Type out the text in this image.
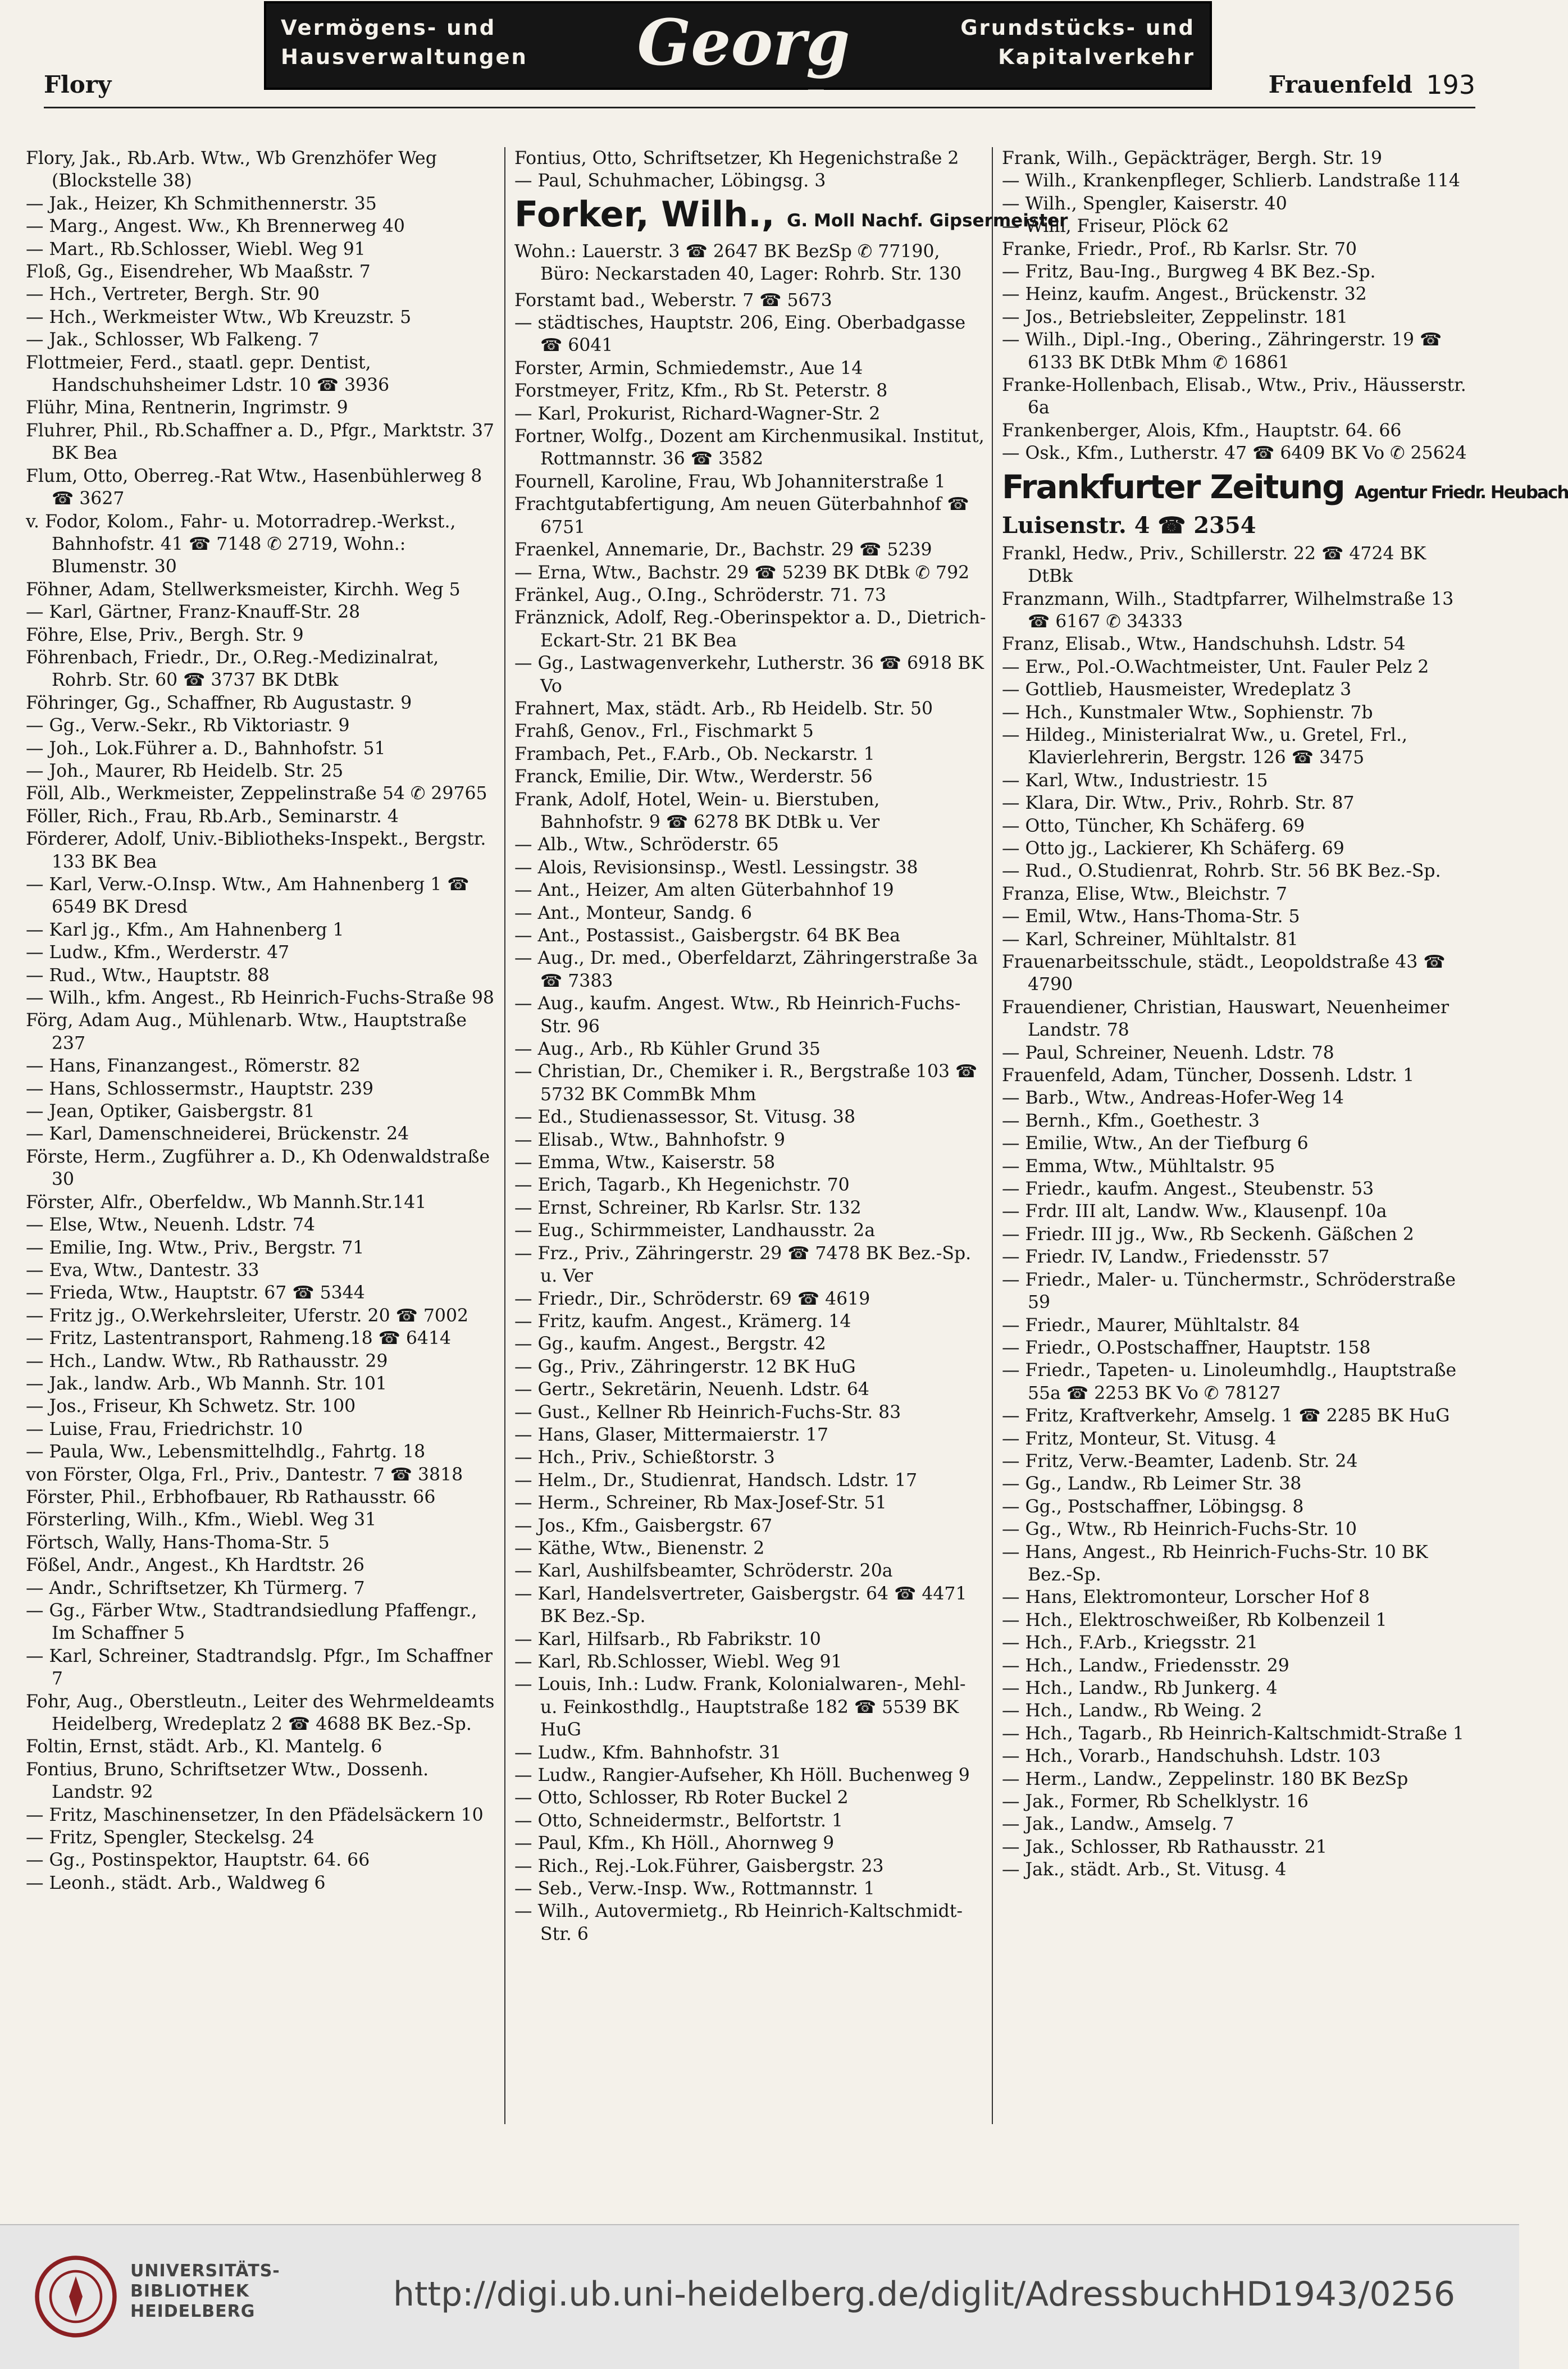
Vermögens- und
Hausverwaltungen	Georg Herth
Grundstücks- und
Kapitalverkehr
Flory	Frauenfeld 193
Flory, Jak., Rb.Arb. Wtw., Wb Grenzhöfer Weg (Blockstelle 38)
— Jak., Heizer, Kh Schmithennerstr. 35
— Marg., Angest. Ww., Kh Brennerweg 40
— Mart., Rb.Schlosser, Wiebl. Weg 91
Floß, Gg., Eisendreher, Wb Maaßstr. 7
— Hch., Vertreter, Bergh. Str. 90
— Hch., Werkmeister Wtw., Wb Kreuzstr. 5
— Jak., Schlosser, Wb Falkeng. 7
Flottmeier, Ferd., staatl. gepr. Dentist, Handschuhsheimer Ldstr. 10 ☎ 3936
Flühr, Mina, Rentnerin, Ingrimstr. 9
Fluhrer, Phil., Rb.Schaffner a. D., Pfgr., Marktstr. 37 BK Bea
Flum, Otto, Oberreg.-Rat Wtw., Hasenbühlerweg 8 ☎ 3627
v. Fodor, Kolom., Fahr- u. Motorradrep.-Werkst., Bahnhofstr. 41 ☎ 7148 ✆ 2719, Wohn.: Blumenstr. 30
Föhner, Adam, Stellwerksmeister, Kirchh. Weg 5
— Karl, Gärtner, Franz-Knauff-Str. 28
Föhre, Else, Priv., Bergh. Str. 9
Föhrenbach, Friedr., Dr., O.Reg.-Medizinalrat, Rohrb. Str. 60 ☎ 3737 BK DtBk
Föhringer, Gg., Schaffner, Rb Augustastr. 9
— Gg., Verw.-Sekr., Rb Viktoriastr. 9
— Joh., Lok.Führer a. D., Bahnhofstr. 51
— Joh., Maurer, Rb Heidelb. Str. 25
Föll, Alb., Werkmeister, Zeppelinstraße 54 ✆ 29765
Föller, Rich., Frau, Rb.Arb., Seminarstr. 4
Förderer, Adolf, Univ.-Bibliotheks-Inspekt., Bergstr. 133 BK Bea
— Karl, Verw.-O.Insp. Wtw., Am Hahnenberg 1 ☎ 6549 BK Dresd
— Karl jg., Kfm., Am Hahnenberg 1
— Ludw., Kfm., Werderstr. 47
— Rud., Wtw., Hauptstr. 88
— Wilh., kfm. Angest., Rb Heinrich-Fuchs-Straße 98
Förg, Adam Aug., Mühlenarb. Wtw., Hauptstraße 237
— Hans, Finanzangest., Römerstr. 82
— Hans, Schlossermstr., Hauptstr. 239
— Jean, Optiker, Gaisbergstr. 81
— Karl, Damenschneiderei, Brückenstr. 24
Förste, Herm., Zugführer a. D., Kh Odenwaldstraße 30
Förster, Alfr., Oberfeldw., Wb Mannh.Str.141
— Else, Wtw., Neuenh. Ldstr. 74
— Emilie, Ing. Wtw., Priv., Bergstr. 71
— Eva, Wtw., Dantestr. 33
— Frieda, Wtw., Hauptstr. 67 ☎ 5344
— Fritz jg., O.Werkehrsleiter, Uferstr. 20 ☎ 7002
— Fritz, Lastentransport, Rahmeng.18 ☎ 6414
— Hch., Landw. Wtw., Rb Rathausstr. 29
— Jak., landw. Arb., Wb Mannh. Str. 101
— Jos., Friseur, Kh Schwetz. Str. 100
— Luise, Frau, Friedrichstr. 10
— Paula, Ww., Lebensmittelhdlg., Fahrtg. 18
von Förster, Olga, Frl., Priv., Dantestr. 7 ☎ 3818
Förster, Phil., Erbhofbauer, Rb Rathausstr. 66
Försterling, Wilh., Kfm., Wiebl. Weg 31
Förtsch, Wally, Hans-Thoma-Str. 5
Fößel, Andr., Angest., Kh Hardtstr. 26
— Andr., Schriftsetzer, Kh Türmerg. 7
— Gg., Färber Wtw., Stadtrandsiedlung Pfaffengr., Im Schaffner 5
— Karl, Schreiner, Stadtrandslg. Pfgr., Im Schaffner 7
Fohr, Aug., Oberstleutn., Leiter des Wehrmeldeamts Heidelberg, Wredeplatz 2 ☎ 4688 BK Bez.-Sp.
Foltin, Ernst, städt. Arb., Kl. Mantelg. 6
Fontius, Bruno, Schriftsetzer Wtw., Dossenh. Landstr. 92
— Fritz, Maschinensetzer, In den Pfädelsäckern 10
— Fritz, Spengler, Steckelsg. 24
— Gg., Postinspektor, Hauptstr. 64. 66
— Leonh., städt. Arb., Waldweg 6
Fontius, Otto, Schriftsetzer, Kh Hegenichstraße 2
— Paul, Schuhmacher, Löbingsg. 3
Forker, Wilh., G. Moll Nachf. Gipsermeister
Wohn.: Lauerstr. 3 ☎ 2647 BK BezSp ✆ 77190, Büro: Neckarstaden 40, Lager: Rohrb. Str. 130
Forstamt bad., Weberstr. 7 ☎ 5673
— städtisches, Hauptstr. 206, Eing. Oberbadgasse ☎ 6041
Forster, Armin, Schmiedemstr., Aue 14
Forstmeyer, Fritz, Kfm., Rb St. Peterstr. 8
— Karl, Prokurist, Richard-Wagner-Str. 2
Fortner, Wolfg., Dozent am Kirchenmusikal. Institut, Rottmannstr. 36 ☎ 3582
Fournell, Karoline, Frau, Wb Johanniterstraße 1
Frachtgutabfertigung, Am neuen Güterbahnhof ☎ 6751
Fraenkel, Annemarie, Dr., Bachstr. 29 ☎ 5239
— Erna, Wtw., Bachstr. 29 ☎ 5239 BK DtBk ✆ 792
Fränkel, Aug., O.Ing., Schröderstr. 71. 73
Fränznick, Adolf, Reg.-Oberinspektor a. D., Dietrich-Eckart-Str. 21 BK Bea
— Gg., Lastwagenverkehr, Lutherstr. 36 ☎ 6918 BK Vo
Frahnert, Max, städt. Arb., Rb Heidelb. Str. 50
Frahß, Genov., Frl., Fischmarkt 5
Frambach, Pet., F.Arb., Ob. Neckarstr. 1
Franck, Emilie, Dir. Wtw., Werderstr. 56
Frank, Adolf, Hotel, Wein- u. Bierstuben, Bahnhofstr. 9 ☎ 6278 BK DtBk u. Ver
— Alb., Wtw., Schröderstr. 65
— Alois, Revisionsinsp., Westl. Lessingstr. 38
— Ant., Heizer, Am alten Güterbahnhof 19
— Ant., Monteur, Sandg. 6
— Ant., Postassist., Gaisbergstr. 64 BK Bea
— Aug., Dr. med., Oberfeldarzt, Zähringerstraße 3a ☎ 7383
— Aug., kaufm. Angest. Wtw., Rb Heinrich-Fuchs-Str. 96
— Aug., Arb., Rb Kühler Grund 35
— Christian, Dr., Chemiker i. R., Bergstraße 103 ☎ 5732 BK CommBk Mhm
— Ed., Studienassessor, St. Vitusg. 38
— Elisab., Wtw., Bahnhofstr. 9
— Emma, Wtw., Kaiserstr. 58
— Erich, Tagarb., Kh Hegenichstr. 70
— Ernst, Schreiner, Rb Karlsr. Str. 132
— Eug., Schirmmeister, Landhausstr. 2a
— Frz., Priv., Zähringerstr. 29 ☎ 7478 BK Bez.-Sp. u. Ver
— Friedr., Dir., Schröderstr. 69 ☎ 4619
— Fritz, kaufm. Angest., Krämerg. 14
— Gg., kaufm. Angest., Bergstr. 42
— Gg., Priv., Zähringerstr. 12 BK HuG
— Gertr., Sekretärin, Neuenh. Ldstr. 64
— Gust., Kellner Rb Heinrich-Fuchs-Str. 83
— Hans, Glaser, Mittermaierstr. 17
— Hch., Priv., Schießtorstr. 3
— Helm., Dr., Studienrat, Handsch. Ldstr. 17
— Herm., Schreiner, Rb Max-Josef-Str. 51
— Jos., Kfm., Gaisbergstr. 67
— Käthe, Wtw., Bienenstr. 2
— Karl, Aushilfsbeamter, Schröderstr. 20a
— Karl, Handelsvertreter, Gaisbergstr. 64 ☎ 4471 BK Bez.-Sp.
— Karl, Hilfsarb., Rb Fabrikstr. 10
— Karl, Rb.Schlosser, Wiebl. Weg 91
— Louis, Inh.: Ludw. Frank, Kolonialwaren-, Mehl- u. Feinkosthdlg., Hauptstraße 182 ☎ 5539 BK HuG
— Ludw., Kfm. Bahnhofstr. 31
— Ludw., Rangier-Aufseher, Kh Höll. Buchenweg 9
— Otto, Schlosser, Rb Roter Buckel 2
— Otto, Schneidermstr., Belfortstr. 1
— Paul, Kfm., Kh Höll., Ahornweg 9
— Rich., Rej.-Lok.Führer, Gaisbergstr. 23
— Seb., Verw.-Insp. Ww., Rottmannstr. 1
— Wilh., Autovermietg., Rb Heinrich-Kaltschmidt-Str. 6
Frank, Wilh., Gepäckträger, Bergh. Str. 19
— Wilh., Krankenpfleger, Schlierb. Landstraße 114
— Wilh., Spengler, Kaiserstr. 40
— Willi, Friseur, Plöck 62
Franke, Friedr., Prof., Rb Karlsr. Str. 70
— Fritz, Bau-Ing., Burgweg 4 BK Bez.-Sp.
— Heinz, kaufm. Angest., Brückenstr. 32
— Jos., Betriebsleiter, Zeppelinstr. 181
— Wilh., Dipl.-Ing., Obering., Zähringerstr. 19 ☎ 6133 BK DtBk Mhm ✆ 16861
Franke-Hollenbach, Elisab., Wtw., Priv., Häusserstr. 6a
Frankenberger, Alois, Kfm., Hauptstr. 64. 66
— Osk., Kfm., Lutherstr. 47 ☎ 6409 BK Vo ✆ 25624
Frankfurter Zeitung Agentur Friedr. Heubach
Luisenstr. 4 ☎ 2354
Frankl, Hedw., Priv., Schillerstr. 22 ☎ 4724 BK DtBk
Franzmann, Wilh., Stadtpfarrer, Wilhelmstraße 13 ☎ 6167 ✆ 34333
Franz, Elisab., Wtw., Handschuhsh. Ldstr. 54
— Erw., Pol.-O.Wachtmeister, Unt. Fauler Pelz 2
— Gottlieb, Hausmeister, Wredeplatz 3
— Hch., Kunstmaler Wtw., Sophienstr. 7b
— Hildeg., Ministerialrat Ww., u. Gretel, Frl., Klavierlehrerin, Bergstr. 126 ☎ 3475
— Karl, Wtw., Industriestr. 15
— Klara, Dir. Wtw., Priv., Rohrb. Str. 87
— Otto, Tüncher, Kh Schäferg. 69
— Otto jg., Lackierer, Kh Schäferg. 69
— Rud., O.Studienrat, Rohrb. Str. 56 BK Bez.-Sp.
Franza, Elise, Wtw., Bleichstr. 7
— Emil, Wtw., Hans-Thoma-Str. 5
— Karl, Schreiner, Mühltalstr. 81
Frauenarbeitsschule, städt., Leopoldstraße 43 ☎ 4790
Frauendiener, Christian, Hauswart, Neuenheimer Landstr. 78
— Paul, Schreiner, Neuenh. Ldstr. 78
Frauenfeld, Adam, Tüncher, Dossenh. Ldstr. 1
— Barb., Wtw., Andreas-Hofer-Weg 14
— Bernh., Kfm., Goethestr. 3
— Emilie, Wtw., An der Tiefburg 6
— Emma, Wtw., Mühltalstr. 95
— Friedr., kaufm. Angest., Steubenstr. 53
— Frdr. III alt, Landw. Ww., Klausenpf. 10a
— Friedr. III jg., Ww., Rb Seckenh. Gäßchen 2
— Friedr. IV, Landw., Friedensstr. 57
— Friedr., Maler- u. Tünchermstr., Schröderstraße 59
— Friedr., Maurer, Mühltalstr. 84
— Friedr., O.Postschaffner, Hauptstr. 158
— Friedr., Tapeten- u. Linoleumhdlg., Hauptstraße 55a ☎ 2253 BK Vo ✆ 78127
— Fritz, Kraftverkehr, Amselg. 1 ☎ 2285 BK HuG
— Fritz, Monteur, St. Vitusg. 4
— Fritz, Verw.-Beamter, Ladenb. Str. 24
— Gg., Landw., Rb Leimer Str. 38
— Gg., Postschaffner, Löbingsg. 8
— Gg., Wtw., Rb Heinrich-Fuchs-Str. 10
— Hans, Angest., Rb Heinrich-Fuchs-Str. 10 BK Bez.-Sp.
— Hans, Elektromonteur, Lorscher Hof 8
— Hch., Elektroschweißer, Rb Kolbenzeil 1
— Hch., F.Arb., Kriegsstr. 21
— Hch., Landw., Friedensstr. 29
— Hch., Landw., Rb Junkerg. 4
— Hch., Landw., Rb Weing. 2
— Hch., Tagarb., Rb Heinrich-Kaltschmidt-Straße 1
— Hch., Vorarb., Handschuhsh. Ldstr. 103
— Herm., Landw., Zeppelinstr. 180 BK BezSp
— Jak., Former, Rb Schelklystr. 16
— Jak., Landw., Amselg. 7
— Jak., Schlosser, Rb Rathausstr. 21
— Jak., städt. Arb., St. Vitusg. 4
UNIVERSITÄTS-
BIBLIOTHEK
HEIDELBERG	http://digi.ub.uni-heidelberg.de/diglit/AdressbuchHD1943/0256
